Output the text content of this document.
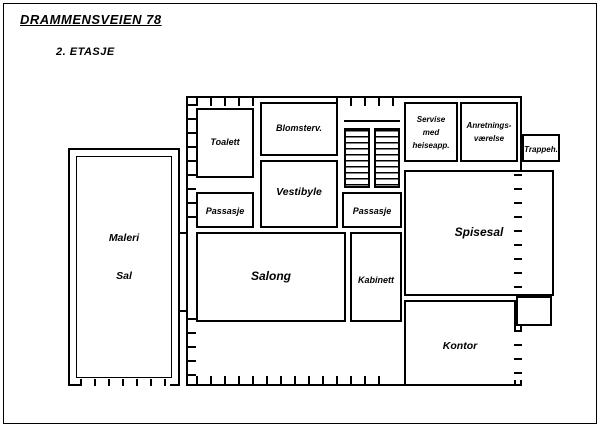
DRAMMENSVEIEN 78
2. ETASJE
Maleri
Sal
Toalett
Blomsterv.
Vestibyle
Passasje	Passasje
Salong	Kabinett
Servise
med
heiseapp.
Anretnings-
værelse
Trappeh.
Spisesal
Kontor
